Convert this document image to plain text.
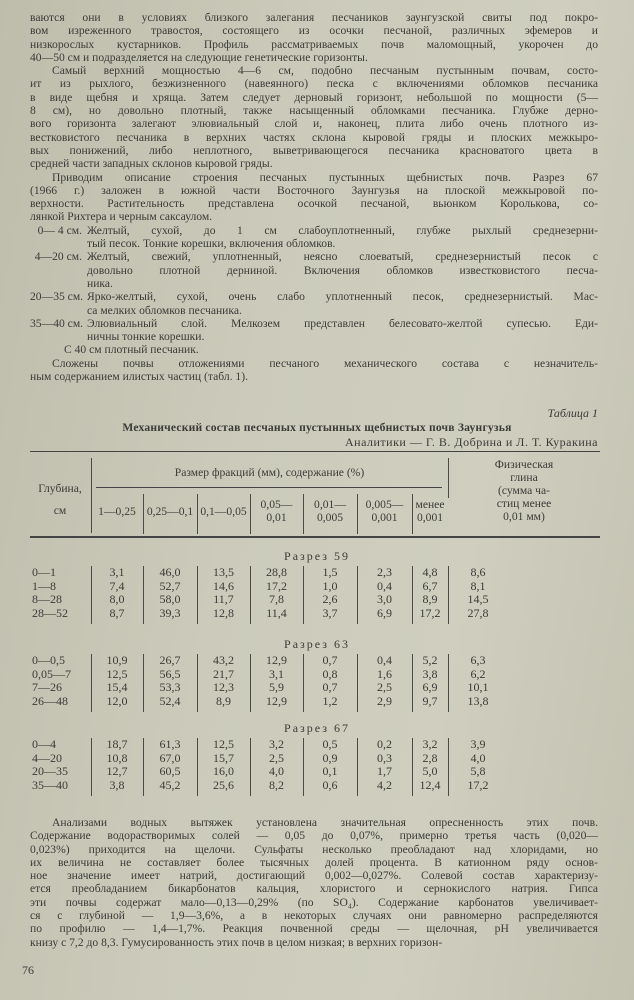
ваются они в условиях близкого залегания песчаников заунгузской свиты под покро-
вом изреженного травостоя, состоящего из осочки песчаной, различных эфемеров и
низкорослых кустарников. Профиль рассматриваемых почв маломощный, укорочен до
40—50 см и подразделяется на следующие генетические горизонты.
Самый верхний мощностью 4—6 см, подобно песчаным пустынным почвам, состо-
ит из рыхлого, безжизненного (навеянного) песка с включениями обломков песчаника
в виде щебня и хряща. Затем следует дерновый горизонт, небольшой по мощности (5—
8 см), но довольно плотный, также насыщенный обломками песчаника. Глубже дерно-
вого горизонта залегают элювиальный слой и, наконец, плита либо очень плотного из-
вестковистого песчаника в верхних частях склона кыровой гряды и плоских межкыро-
вых понижений, либо неплотного, выветривающегося песчаника красноватого цвета в
средней части западных склонов кыровой гряды.
Приводим описание строения песчаных пустынных щебнистых почв. Разрез 67
(1966 г.) заложен в южной части Восточного Заунгузья на плоской межкыровой по-
верхности. Растительность представлена осочкой песчаной, вьюнком Королькова, со-
лянкой Рихтера и черным саксаулом.
0— 4 см. Желтый, сухой, до 1 см слабоуплотненный, глубже рыхлый среднезерни-
тый песок. Тонкие корешки, включения обломков.
4—20 см. Желтый, свежий, уплотненный, неясно слоеватый, среднезернистый песок с
довольно плотной дерниной. Включения обломков известковистого песча-
ника.
20—35 см. Ярко-желтый, сухой, очень слабо уплотненный песок, среднезернистый. Мас-
са мелких обломков песчаника.
35—40 см. Элювиальный слой. Мелкозем представлен белесовато-желтой супесью. Еди-
ничны тонкие корешки.
С 40 см плотный песчаник.
Сложены почвы отложениями песчаного механического состава с незначитель-
ным содержанием илистых частиц (табл. 1).
Таблица 1
Механический состав песчаных пустынных щебнистых почв Заунгузья
Аналитики — Г. В. Добрина и Л. Т. Куракина
Глубина,
см
Размер фракций (мм), содержание (%)
1—0,25 0,25—0,1 0,1—0,05
0,05—
0,01
0,01—
0,005
0,005—
0,001
менее
0,001
Физическая
глина
(сумма ча-
стиц менее
0,01 мм)
Разрез 59
0—1	3,1	46,0	13,5	28,8	1,5	2,3	4,8	8,6
1—8	7,4	52,7	14,6	17,2	1,0	0,4	6,7	8,1
8—28	8,0	58,0	11,7	7,8	2,6	3,0	8,9	14,5
28—52	8,7	39,3	12,8	11,4	3,7	6,9	17,2	27,8
Разрез 63
0—0,5	10,9	26,7	43,2	12,9	0,7	0,4	5,2	6,3
0,05—7	12,5	56,5	21,7	3,1	0,8	1,6	3,8	6,2
7—26	15,4	53,3	12,3	5,9	0,7	2,5	6,9	10,1
26—48	12,0	52,4	8,9	12,9	1,2	2,9	9,7	13,8
Разрез 67
0—4	18,7	61,3	12,5	3,2	0,5	0,2	3,2	3,9
4—20	10,8	67,0	15,7	2,5	0,9	0,3	2,8	4,0
20—35	12,7	60,5	16,0	4,0	0,1	1,7	5,0	5,8
35—40	3,8	45,2	25,6	8,2	0,6	4,2	12,4	17,2
Анализами водных вытяжек установлена значительная опресненность этих почв.
Содержание водорастворимых солей — 0,05 до 0,07%, примерно третья часть (0,020—
0,023%) приходится на щелочи. Сульфаты несколько преобладают над хлоридами, но
их величина не составляет более тысячных долей процента. В катионном ряду основ-
ное значение имеет натрий, достигающий 0,002—0,027%. Солевой состав характеризу-
ется преобладанием бикарбонатов кальция, хлористого и сернокислого натрия. Гипса
эти почвы содержат мало—0,13—0,29% (по SO₄). Содержание карбонатов увеличивает-
ся с глубиной — 1,9—3,6%, а в некоторых случаях они равномерно распределяются
по профилю — 1,4—1,7%. Реакция почвенной среды — щелочная, pH увеличивается
книзу с 7,2 до 8,3. Гумусированность этих почв в целом низкая; в верхних горизон-
76
